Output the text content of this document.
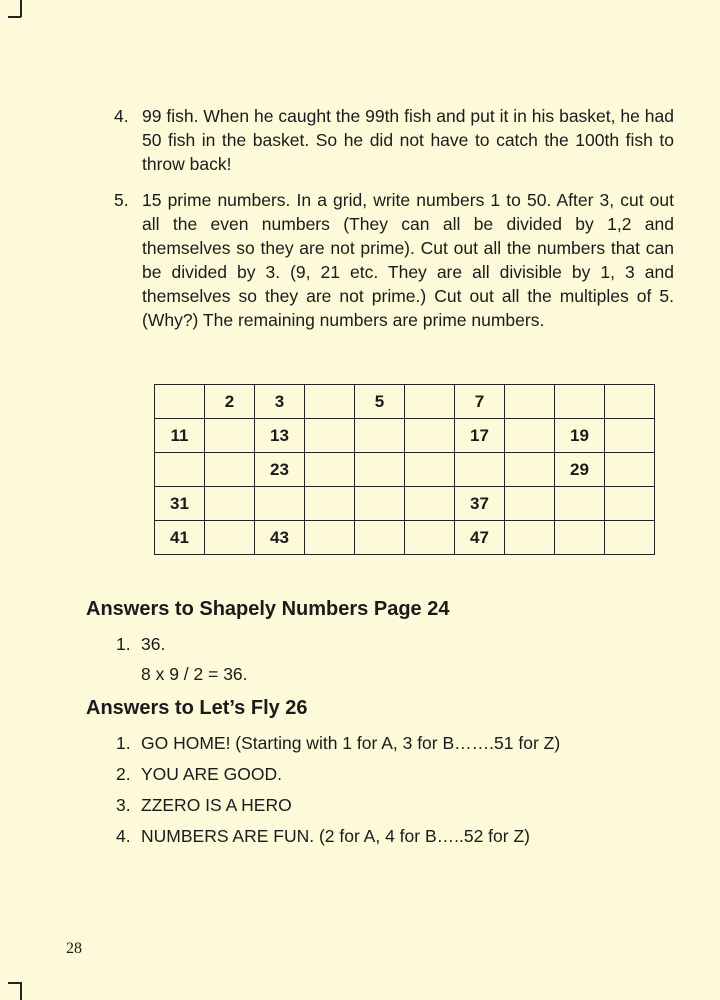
4. 99 fish. When he caught the 99th fish and put it in his basket, he had 50 fish in the basket. So he did not have to catch the 100th fish to throw back!
5. 15 prime numbers. In a grid, write numbers 1 to 50. After 3, cut out all the even numbers (They can all be divided by 1,2 and themselves so they are not prime). Cut out all the numbers that can be divided by 3. (9, 21 etc. They are all divisible by 1, 3 and themselves so they are not prime.) Cut out all the multiples of 5. (Why?) The remaining numbers are prime numbers.
	2	3		5		7			
11		13				17		19	
		23						29	
31						37			
41		43				47			
Answers to Shapely Numbers Page 24
1. 36.
8 x 9 / 2 = 36.
Answers to Let’s Fly 26
1. GO HOME! (Starting with 1 for A, 3 for B…….51 for Z)
2. YOU ARE GOOD.
3. ZZERO IS A HERO
4. NUMBERS ARE FUN. (2 for A, 4 for B…..52 for Z)
28
